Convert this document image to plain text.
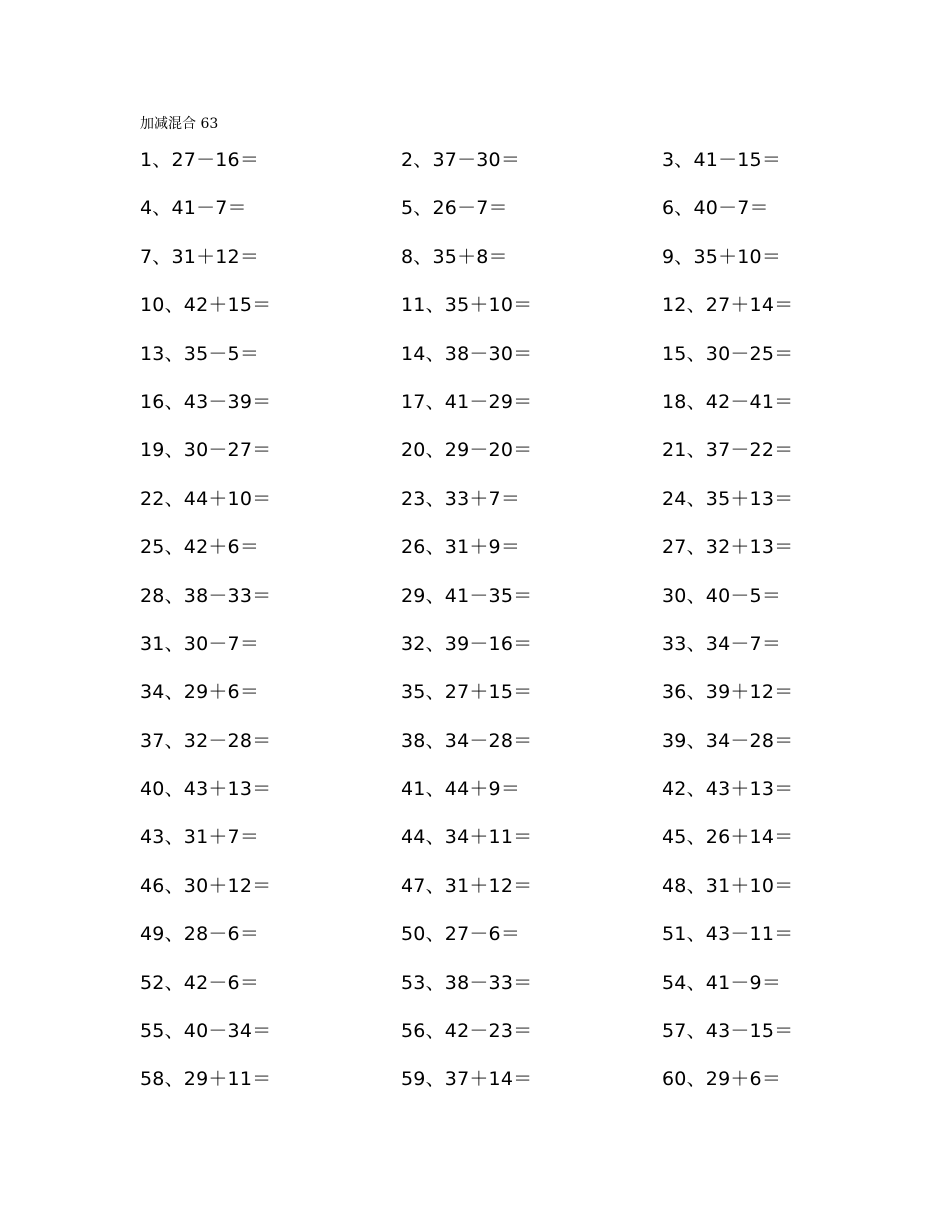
加减混合 63
1、27－16＝	2、37－30＝	3、41－15＝
4、41－7＝	5、26－7＝	6、40－7＝
7、31＋12＝	8、35＋8＝	9、35＋10＝
10、42＋15＝	11、35＋10＝	12、27＋14＝
13、35－5＝	14、38－30＝	15、30－25＝
16、43－39＝	17、41－29＝	18、42－41＝
19、30－27＝	20、29－20＝	21、37－22＝
22、44＋10＝	23、33＋7＝	24、35＋13＝
25、42＋6＝	26、31＋9＝	27、32＋13＝
28、38－33＝	29、41－35＝	30、40－5＝
31、30－7＝	32、39－16＝	33、34－7＝
34、29＋6＝	35、27＋15＝	36、39＋12＝
37、32－28＝	38、34－28＝	39、34－28＝
40、43＋13＝	41、44＋9＝	42、43＋13＝
43、31＋7＝	44、34＋11＝	45、26＋14＝
46、30＋12＝	47、31＋12＝	48、31＋10＝
49、28－6＝	50、27－6＝	51、43－11＝
52、42－6＝	53、38－33＝	54、41－9＝
55、40－34＝	56、42－23＝	57、43－15＝
58、29＋11＝	59、37＋14＝	60、29＋6＝
